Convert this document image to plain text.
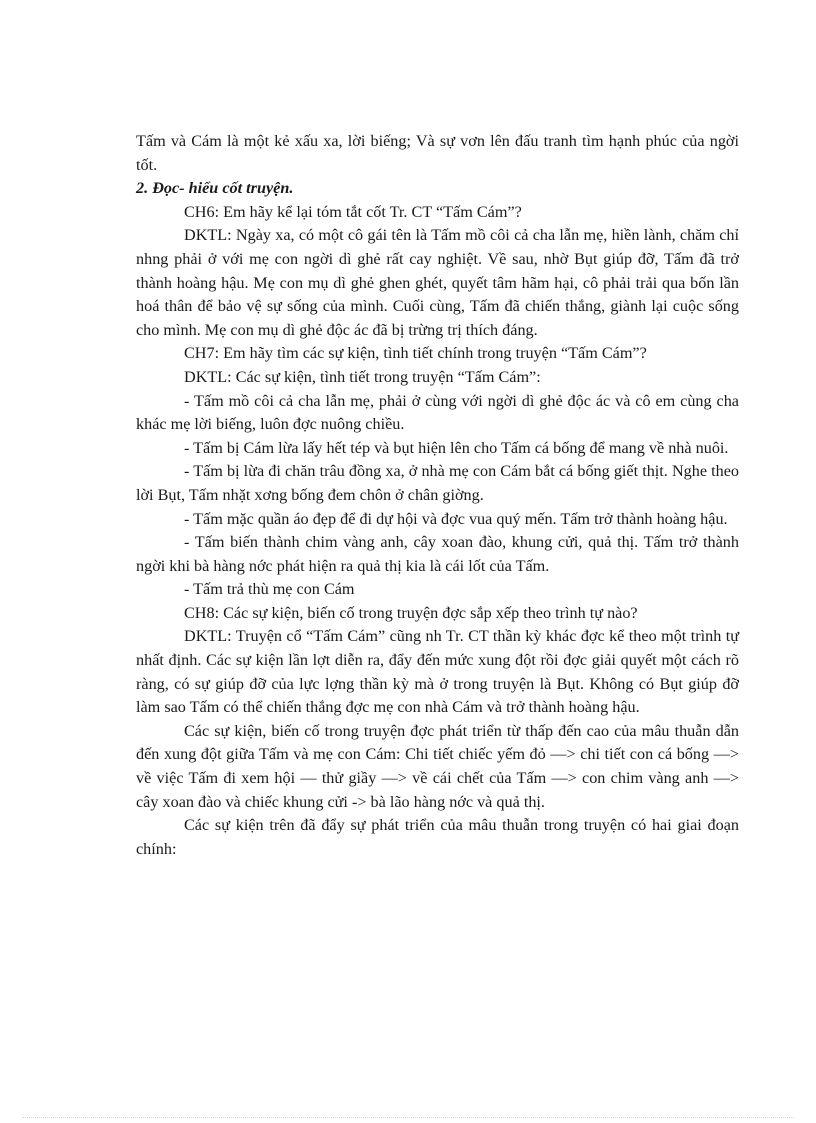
Tấm và Cám là một kẻ xấu xa, lời biếng; Và sự vơn lên đấu tranh tìm hạnh phúc của ngời tốt.

2. Đọc- hiểu cốt truyện.

CH6: Em hãy kể lại tóm tắt cốt Tr. CT “Tấm Cám”?

DKTL: Ngày xa, có một cô gái tên là Tấm mồ côi cả cha lẫn mẹ, hiền lành, chăm chỉ nhng phải ở với mẹ con ngời dì ghẻ rất cay nghiệt. Về sau, nhờ Bụt giúp đỡ, Tấm đã trở thành hoàng hậu. Mẹ con mụ dì ghẻ ghen ghét, quyết tâm hãm hại, cô phải trải qua bốn lần hoá thân để bảo vệ sự sống của mình. Cuối cùng, Tấm đã chiến thắng, giành lại cuộc sống cho mình. Mẹ con mụ dì ghẻ độc ác đã bị trừng trị thích đáng.

CH7: Em hãy tìm các sự kiện, tình tiết chính trong truyện “Tấm Cám”?

DKTL: Các sự kiện, tình tiết trong truyện “Tấm Cám”:

- Tấm mồ côi cả cha lẫn mẹ, phải ở cùng với ngời dì ghẻ độc ác và cô em cùng cha khác mẹ lời biếng, luôn đợc nuông chiều.

- Tấm bị Cám lừa lấy hết tép và bụt hiện lên cho Tấm cá bống để mang về nhà nuôi.

- Tấm bị lừa đi chăn trâu đồng xa, ở nhà mẹ con Cám bắt cá bống giết thịt. Nghe theo lời Bụt, Tấm nhặt xơng bống đem chôn ở chân giờng.

- Tấm mặc quần áo đẹp để đi dự hội và đợc vua quý mến. Tấm trở thành hoàng hậu.

- Tấm biến thành chim vàng anh, cây xoan đào, khung cửi, quả thị. Tấm trở thành ngời khi bà hàng nớc phát hiện ra quả thị kia là cái lốt của Tấm.

- Tấm trả thù mẹ con Cám

CH8: Các sự kiện, biến cố trong truyện đợc sắp xếp theo trình tự nào?

DKTL: Truyện cổ “Tấm Cám” cũng nh Tr. CT thần kỳ khác đợc kể theo một trình tự nhất định. Các sự kiện lần lợt diễn ra, đẩy đến mức xung đột rồi đợc giải quyết một cách rõ ràng, có sự giúp đỡ của lực lợng thần kỳ mà ở trong truyện là Bụt. Không có Bụt giúp đỡ làm sao Tấm có thể chiến thắng đợc mẹ con nhà Cám và trở thành hoàng hậu.

Các sự kiện, biến cố trong truyện đợc phát triển từ thấp đến cao của mâu thuẫn dẫn đến xung đột giữa Tấm và mẹ con Cám: Chi tiết chiếc yếm đỏ —> chi tiết con cá bống —> về việc Tấm đi xem hội — thử giầy —> về cái chết của Tấm —> con chim vàng anh —> cây xoan đào và chiếc khung cửi -> bà lão hàng nớc và quả thị.

Các sự kiện trên đã đẩy sự phát triển của mâu thuẫn trong truyện có hai giai đoạn chính:
